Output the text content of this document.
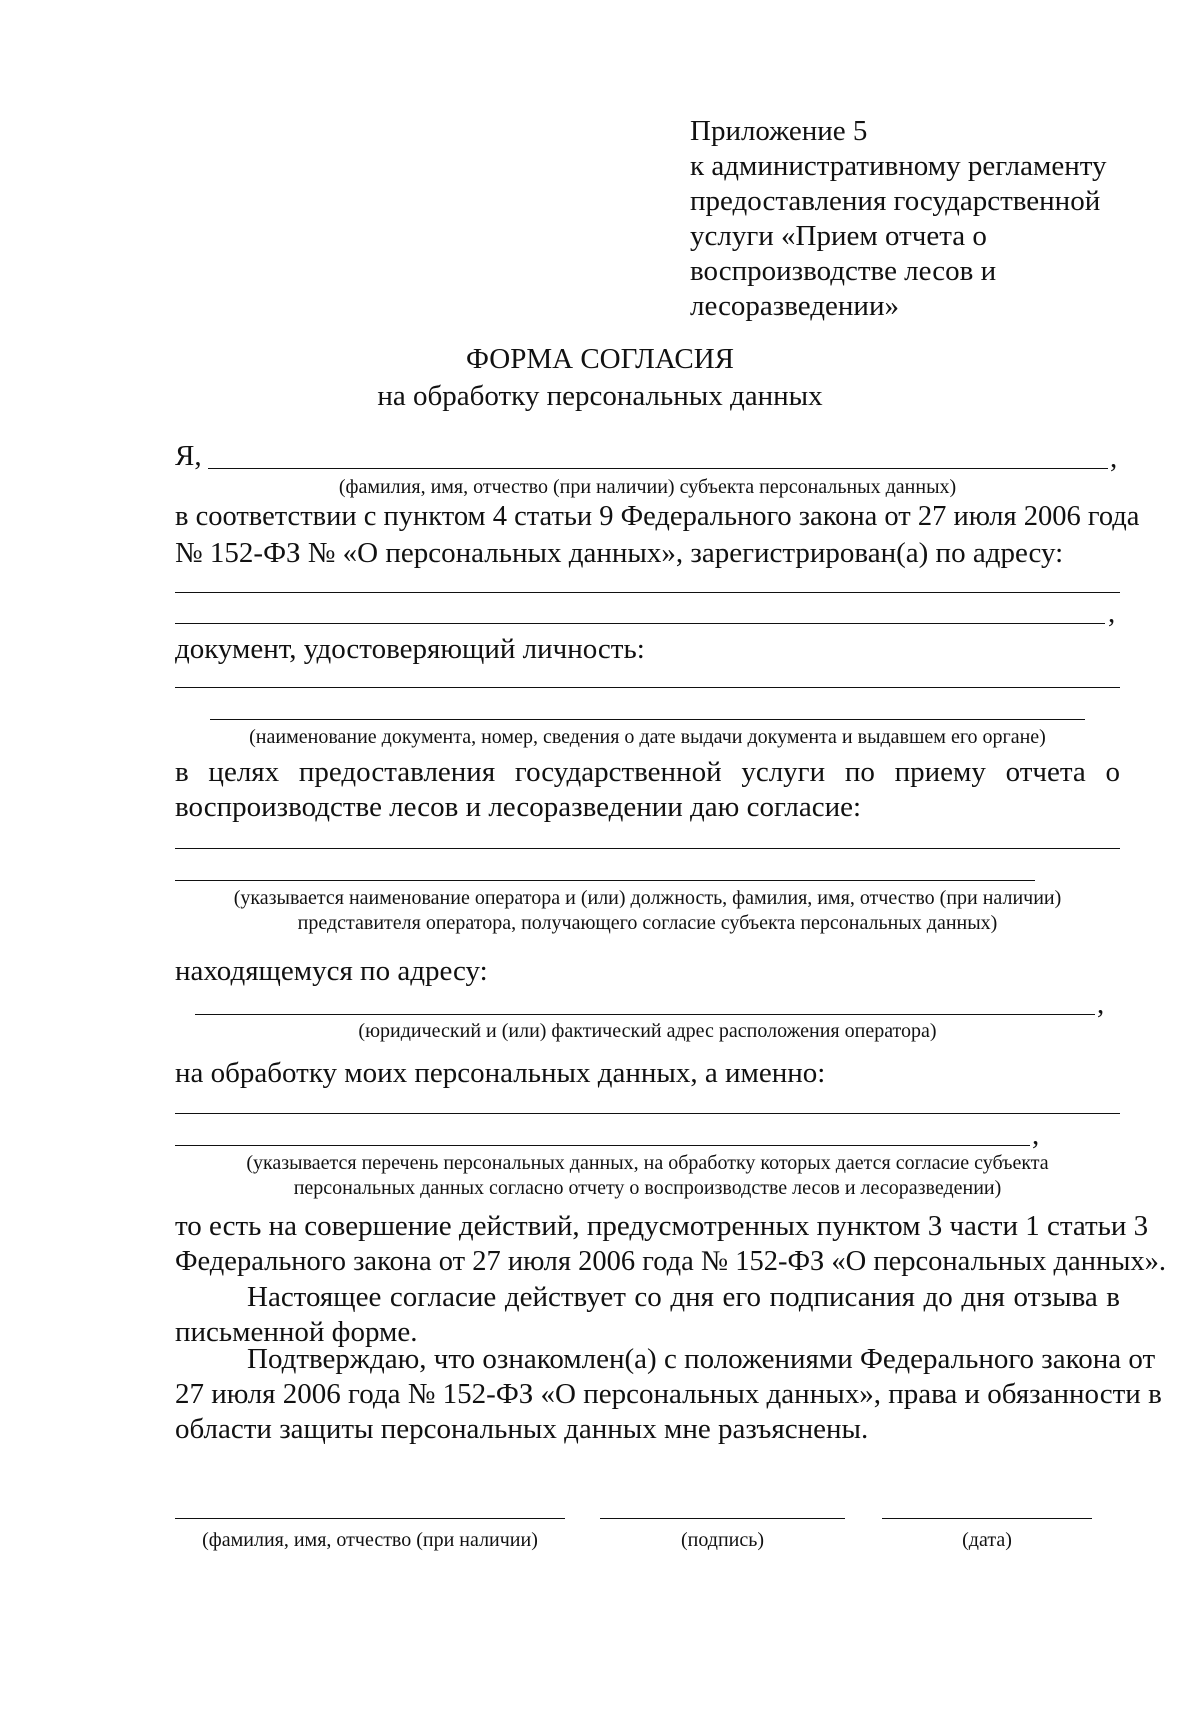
Приложение 5
к административному регламенту
предоставления государственной
услуги «Прием отчета о
воспроизводстве лесов и
лесоразведении»
ФОРМА СОГЛАСИЯ
на обработку персональных данных
Я,	,
(фамилия, имя, отчество (при наличии) субъекта персональных данных)
в соответствии с пунктом 4 статьи 9 Федерального закона от 27 июля 2006 года
№ 152-ФЗ № «О персональных данных», зарегистрирован(а) по адресу:
,
документ, удостоверяющий личность:
(наименование документа, номер, сведения о дате выдачи документа и выдавшем его органе)
в целях предоставления государственной услуги по приему отчета о
воспроизводстве лесов и лесоразведении даю согласие:
(указывается наименование оператора и (или) должность, фамилия, имя, отчество (при наличии)
представителя оператора, получающего согласие субъекта персональных данных)
находящемуся по адресу:
,
(юридический и (или) фактический адрес расположения оператора)
на обработку моих персональных данных, а именно:
,
(указывается перечень персональных данных, на обработку которых дается согласие субъекта
персональных данных согласно отчету о воспроизводстве лесов и лесоразведении)
то есть на совершение действий, предусмотренных пунктом 3 части 1 статьи 3
Федерального закона от 27 июля 2006 года № 152-ФЗ «О персональных данных».
Настоящее согласие действует со дня его подписания до дня отзыва в
письменной форме.
Подтверждаю, что ознакомлен(а) с положениями Федерального закона от
27 июля 2006 года № 152-ФЗ «О персональных данных», права и обязанности в
области защиты персональных данных мне разъяснены.
(фамилия, имя, отчество (при наличии)	(подпись)	(дата)
